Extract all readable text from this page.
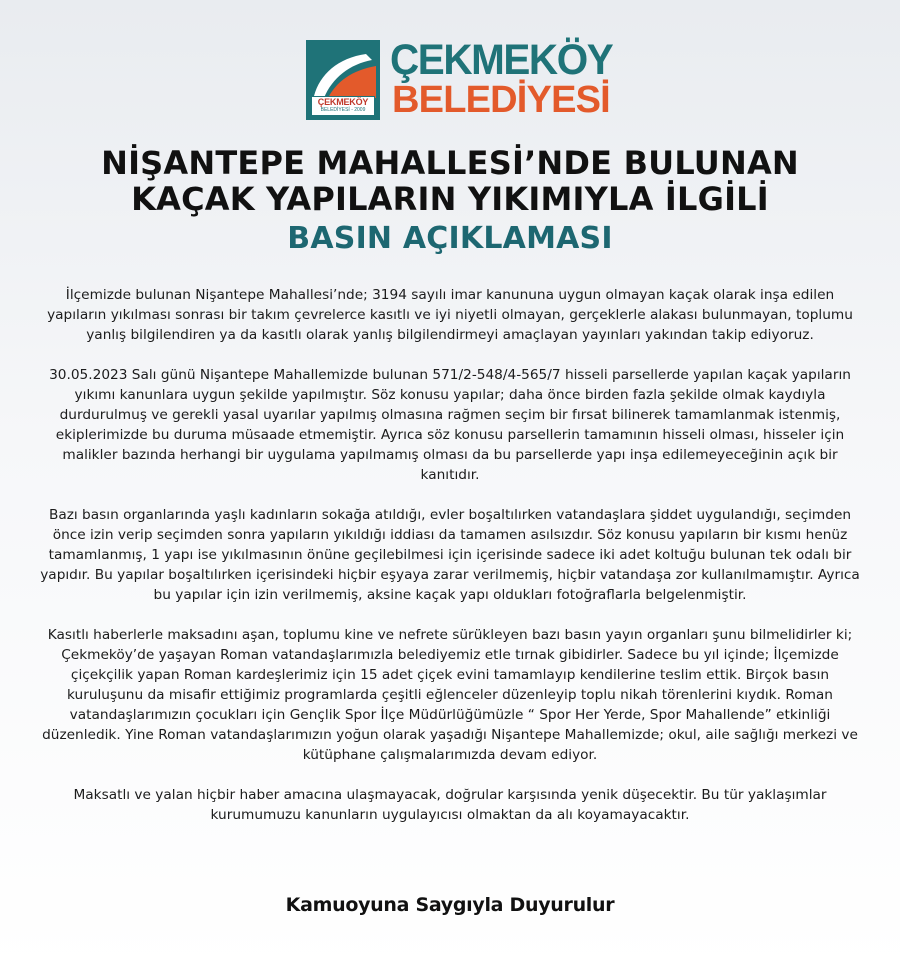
ÇEKMEKÖY
BELEDİYESİ - 2009
ÇEKMEKÖY
BELEDİYESİ
NİŞANTEPE MAHALLESİ’NDE BULUNAN
KAÇAK YAPILARIN YIKIMIYLA İLGİLİ
BASIN AÇIKLAMASI

İlçemizde bulunan Nişantepe Mahallesi’nde; 3194 sayılı imar kanununa uygun olmayan kaçak olarak inşa edilen yapıların yıkılması sonrası bir takım çevrelerce kasıtlı ve iyi niyetli olmayan, gerçeklerle alakası bulunmayan, toplumu yanlış bilgilendiren ya da kasıtlı olarak yanlış bilgilendirmeyi amaçlayan yayınları yakından takip ediyoruz.

30.05.2023 Salı günü Nişantepe Mahallemizde bulunan 571/2-548/4-565/7 hisseli parsellerde yapılan kaçak yapıların yıkımı kanunlara uygun şekilde yapılmıştır. Söz konusu yapılar; daha önce birden fazla şekilde olmak kaydıyla durdurulmuş ve gerekli yasal uyarılar yapılmış olmasına rağmen seçim bir fırsat bilinerek tamamlanmak istenmiş, ekiplerimizde bu duruma müsaade etmemiştir. Ayrıca söz konusu parsellerin tamamının hisseli olması, hisseler için malikler bazında herhangi bir uygulama yapılmamış olması da bu parsellerde yapı inşa edilemeyeceğinin açık bir kanıtıdır.

Bazı basın organlarında yaşlı kadınların sokağa atıldığı, evler boşaltılırken vatandaşlara şiddet uygulandığı, seçimden önce izin verip seçimden sonra yapıların yıkıldığı iddiası da tamamen asılsızdır. Söz konusu yapıların bir kısmı henüz tamamlanmış, 1 yapı ise yıkılmasının önüne geçilebilmesi için içerisinde sadece iki adet koltuğu bulunan tek odalı bir yapıdır. Bu yapılar boşaltılırken içerisindeki hiçbir eşyaya zarar verilmemiş, hiçbir vatandaşa zor kullanılmamıştır. Ayrıca bu yapılar için izin verilmemiş, aksine kaçak yapı oldukları fotoğraflarla belgelenmiştir.

Kasıtlı haberlerle maksadını aşan, toplumu kine ve nefrete sürükleyen bazı basın yayın organları şunu bilmelidirler ki; Çekmeköy’de yaşayan Roman vatandaşlarımızla belediyemiz etle tırnak gibidirler. Sadece bu yıl içinde; İlçemizde çiçekçilik yapan Roman kardeşlerimiz için 15 adet çiçek evini tamamlayıp kendilerine teslim ettik. Birçok basın kuruluşunu da misafir ettiğimiz programlarda çeşitli eğlenceler düzenleyip toplu nikah törenlerini kıydık. Roman vatandaşlarımızın çocukları için Gençlik Spor İlçe Müdürlüğümüzle “ Spor Her Yerde, Spor Mahallende” etkinliği düzenledik. Yine Roman vatandaşlarımızın yoğun olarak yaşadığı Nişantepe Mahallemizde; okul, aile sağlığı merkezi ve kütüphane çalışmalarımızda devam ediyor.

Maksatlı ve yalan hiçbir haber amacına ulaşmayacak, doğrular karşısında yenik düşecektir. Bu tür yaklaşımlar kurumumuzu kanunların uygulayıcısı olmaktan da alı koyamayacaktır.

Kamuoyuna Saygıyla Duyurulur
